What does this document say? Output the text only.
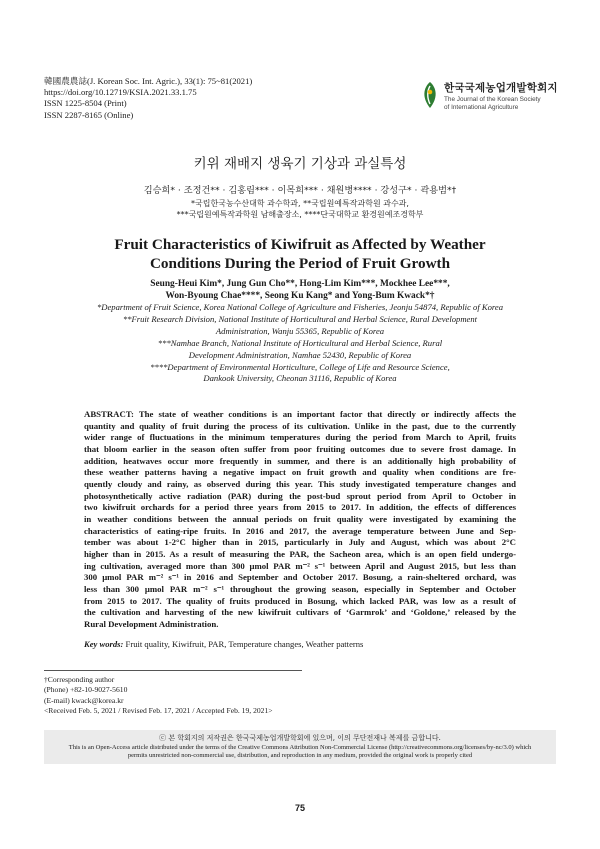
韓國農農誌(J. Korean Soc. Int. Agric.), 33(1): 75~81(2021)
https://doi.org/10.12719/KSIA.2021.33.1.75
ISSN 1225-8504 (Print)
ISSN 2287-8165 (Online)
한국국제농업개발학회지
The Journal of the Korean Society
of International Agriculture
키위 재배지 생육기 기상과 과실특성
김승희* · 조정건** · 김홍림*** · 이목희*** · 채원병**** · 강성구* · 곽용범*†
*국립한국농수산대학 과수학과, **국립원예특작과학원 과수과,
***국립원예특작과학원 남해출장소, ****단국대학교 환경원예조경학부
Fruit Characteristics of Kiwifruit as Affected by Weather
Conditions During the Period of Fruit Growth
Seung-Heui Kim*, Jung Gun Cho**, Hong-Lim Kim***, Mockhee Lee***,
Won-Byoung Chae****, Seong Ku Kang* and Yong-Bum Kwack*†
*Department of Fruit Science, Korea National College of Agriculture and Fisheries, Jeonju 54874, Republic of Korea
**Fruit Research Division, National Institute of Horticultural and Herbal Science, Rural Development
Administration, Wanju 55365, Republic of Korea
***Namhae Branch, National Institute of Horticultural and Herbal Science, Rural
Development Administration, Namhae 52430, Republic of Korea
****Department of Environmental Horticulture, College of Life and Resource Science,
Dankook University, Cheonan 31116, Republic of Korea
ABSTRACT: The state of weather conditions is an important factor that directly or indirectly affects the
quantity and quality of fruit during the process of its cultivation. Unlike in the past, due to the currently
wider range of fluctuations in the minimum temperatures during the period from March to April, fruits
that bloom earlier in the season often suffer from poor fruiting outcomes due to severe frost damage. In
addition, heatwaves occur more frequently in summer, and there is an additionally high probability of
these weather patterns having a negative impact on fruit growth and quality when conditions are fre-
quently cloudy and rainy, as observed during this year. This study investigated temperature changes and
photosynthetically active radiation (PAR) during the post-bud sprout period from April to October in
two kiwifruit orchards for a period three years from 2015 to 2017. In addition, the effects of differences
in weather conditions between the annual periods on fruit quality were investigated by examining the
characteristics of eating-ripe fruits. In 2016 and 2017, the average temperature between June and Sep-
tember was about 1-2°C higher than in 2015, particularly in July and August, which was about 2°C
higher than in 2015. As a result of measuring the PAR, the Sacheon area, which is an open field undergo-
ing cultivation, averaged more than 300 μmol PAR m⁻² s⁻¹ between April and August 2015, but less than
300 μmol PAR m⁻² s⁻¹ in 2016 and September and October 2017. Bosung, a rain-sheltered orchard, was
less than 300 μmol PAR m⁻² s⁻¹ throughout the growing season, especially in September and October
from 2015 to 2017. The quality of fruits produced in Bosung, which lacked PAR, was low as a result of
the cultivation and harvesting of the new kiwifruit cultivars of ‘Garmrok’ and ‘Goldone,’ released by the
Rural Development Administration.
Key words: Fruit quality, Kiwifruit, PAR, Temperature changes, Weather patterns
†Corresponding author
(Phone) +82-10-9027-5610
(E-mail) kwack@korea.kr
<Received Feb. 5, 2021 / Revised Feb. 17, 2021 / Accepted Feb. 19, 2021>
ⓒ 본 학회지의 저작권은 한국국제농업개발학회에 있으며, 이의 무단전재나 복제를 금합니다.
This is an Open-Access article distributed under the terms of the Creative Commons Attribution Non-Commercial License (http://creativecommons.org/licenses/by-nc/3.0) which
permits unrestricted non-commercial use, distribution, and reproduction in any medium, provided the original work is properly cited
75
